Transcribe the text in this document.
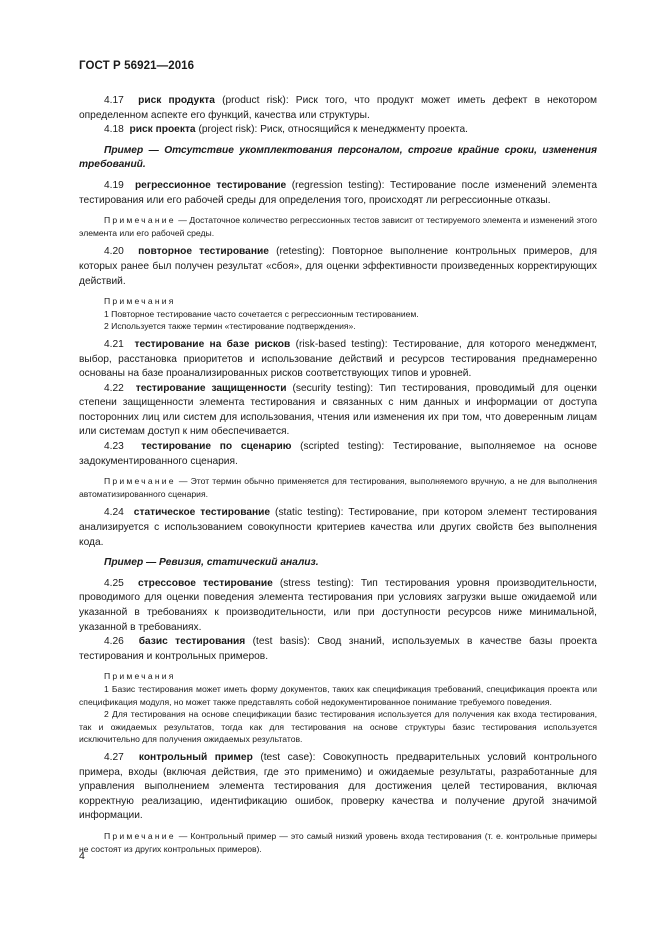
ГОСТ Р 56921—2016

4.17 риск продукта (product risk): Риск того, что продукт может иметь дефект в некотором определенном аспекте его функций, качества или структуры.

4.18 риск проекта (project risk): Риск, относящийся к менеджменту проекта.

Пример — Отсутствие укомплектования персоналом, строгие крайние сроки, изменения требований.

4.19 регрессионное тестирование (regression testing): Тестирование после изменений элемента тестирования или его рабочей среды для определения того, происходят ли регрессионные отказы.

Примечание — Достаточное количество регрессионных тестов зависит от тестируемого элемента и изменений этого элемента или его рабочей среды.

4.20 повторное тестирование (retesting): Повторное выполнение контрольных примеров, для которых ранее был получен результат «сбоя», для оценки эффективности произведенных корректирующих действий.

Примечания

1 Повторное тестирование часто сочетается с регрессионным тестированием.

2 Используется также термин «тестирование подтверждения».

4.21 тестирование на базе рисков (risk-based testing): Тестирование, для которого менеджмент, выбор, расстановка приоритетов и использование действий и ресурсов тестирования преднамеренно основаны на базе проанализированных рисков соответствующих типов и уровней.

4.22 тестирование защищенности (security testing): Тип тестирования, проводимый для оценки степени защищенности элемента тестирования и связанных с ним данных и информации от доступа посторонних лиц или систем для использования, чтения или изменения их при том, что доверенным лицам или системам доступ к ним обеспечивается.

4.23 тестирование по сценарию (scripted testing): Тестирование, выполняемое на основе задокументированного сценария.

Примечание — Этот термин обычно применяется для тестирования, выполняемого вручную, а не для выполнения автоматизированного сценария.

4.24 статическое тестирование (static testing): Тестирование, при котором элемент тестирования анализируется с использованием совокупности критериев качества или других свойств без выполнения кода.

Пример — Ревизия, статический анализ.

4.25 стрессовое тестирование (stress testing): Тип тестирования уровня производительности, проводимого для оценки поведения элемента тестирования при условиях загрузки выше ожидаемой или указанной в требованиях к производительности, или при доступности ресурсов ниже минимальной, указанной в требованиях.

4.26 базис тестирования (test basis): Свод знаний, используемых в качестве базы проекта тестирования и контрольных примеров.

Примечания

1 Базис тестирования может иметь форму документов, таких как спецификация требований, спецификация проекта или спецификация модуля, но может также представлять собой недокументированное понимание требуемого поведения.

2 Для тестирования на основе спецификации базис тестирования используется для получения как входа тестирования, так и ожидаемых результатов, тогда как для тестирования на основе структуры базис тестирования используется исключительно для получения ожидаемых результатов.

4.27 контрольный пример (test case): Совокупность предварительных условий контрольного примера, входы (включая действия, где это применимо) и ожидаемые результаты, разработанные для управления выполнением элемента тестирования для достижения целей тестирования, включая корректную реализацию, идентификацию ошибок, проверку качества и получение другой значимой информации.

Примечание — Контрольный пример — это самый низкий уровень входа тестирования (т. е. контрольные примеры не состоят из других контрольных примеров).

4
